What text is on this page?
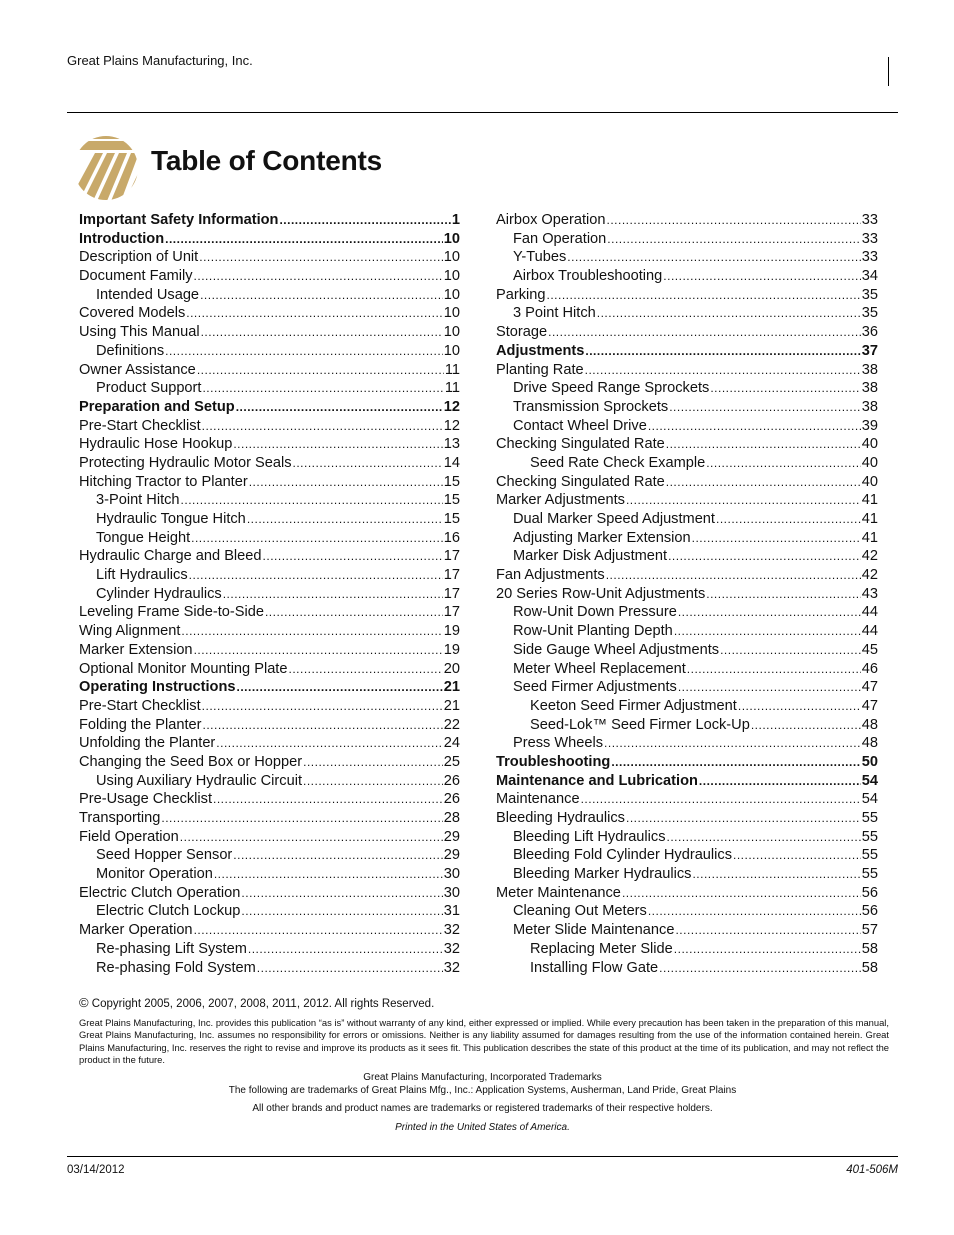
Great Plains Manufacturing, Inc.
Table of Contents
Important Safety Information .....	1
Introduction .....	10
Description of Unit .....	10
Document Family .....	10
Intended Usage .....	10
Covered Models .....	10
Using This Manual .....	10
Definitions .....	10
Owner Assistance .....	11
Product Support .....	11
Preparation and Setup .....	12
Pre-Start Checklist .....	12
Hydraulic Hose Hookup .....	13
Protecting Hydraulic Motor Seals .....	14
Hitching Tractor to Planter .....	15
3-Point Hitch .....	15
Hydraulic Tongue Hitch .....	15
Tongue Height .....	16
Hydraulic Charge and Bleed .....	17
Lift Hydraulics .....	17
Cylinder Hydraulics .....	17
Leveling Frame Side-to-Side .....	17
Wing Alignment .....	19
Marker Extension .....	19
Optional Monitor Mounting Plate .....	20
Operating Instructions .....	21
Pre-Start Checklist .....	21
Folding the Planter .....	22
Unfolding the Planter .....	24
Changing the Seed Box or Hopper .....	25
Using Auxiliary Hydraulic Circuit .....	26
Pre-Usage Checklist .....	26
Transporting .....	28
Field Operation .....	29
Seed Hopper Sensor .....	29
Monitor Operation .....	30
Electric Clutch Operation .....	30
Electric Clutch Lockup .....	31
Marker Operation .....	32
Re-phasing Lift System .....	32
Re-phasing Fold System .....	32
Airbox Operation .....	33
Fan Operation .....	33
Y-Tubes .....	33
Airbox Troubleshooting .....	34
Parking .....	35
3 Point Hitch .....	35
Storage .....	36
Adjustments .....	37
Planting Rate .....	38
Drive Speed Range Sprockets .....	38
Transmission Sprockets .....	38
Contact Wheel Drive .....	39
Checking Singulated Rate .....	40
Seed Rate Check Example .....	40
Checking Singulated Rate .....	40
Marker Adjustments .....	41
Dual Marker Speed Adjustment .....	41
Adjusting Marker Extension .....	41
Marker Disk Adjustment .....	42
Fan Adjustments .....	42
20 Series Row-Unit Adjustments .....	43
Row-Unit Down Pressure .....	44
Row-Unit Planting Depth .....	44
Side Gauge Wheel Adjustments .....	45
Meter Wheel Replacement .....	46
Seed Firmer Adjustments .....	47
Keeton Seed Firmer Adjustment .....	47
Seed-Lok™ Seed Firmer Lock-Up .....	48
Press Wheels .....	48
Troubleshooting .....	50
Maintenance and Lubrication .....	54
Maintenance .....	54
Bleeding Hydraulics .....	55
Bleeding Lift Hydraulics .....	55
Bleeding Fold Cylinder Hydraulics .....	55
Bleeding Marker Hydraulics .....	55
Meter Maintenance .....	56
Cleaning Out Meters .....	56
Meter Slide Maintenance .....	57
Replacing Meter Slide .....	58
Installing Flow Gate .....	58
© Copyright 2005, 2006, 2007, 2008, 2011, 2012. All rights Reserved.
Great Plains Manufacturing, Inc. provides this publication “as is” without warranty of any kind, either expressed or implied. While every precaution has been taken in the preparation of this manual, Great Plains Manufacturing, Inc. assumes no responsibility for errors or omissions. Neither is any liability assumed for damages resulting from the use of the information contained herein. Great Plains Manufacturing, Inc. reserves the right to revise and improve its products as it sees fit. This publication describes the state of this product at the time of its publication, and may not reflect the product in the future.
Great Plains Manufacturing, Incorporated Trademarks
The following are trademarks of Great Plains Mfg., Inc.: Application Systems, Ausherman, Land Pride, Great Plains
All other brands and product names are trademarks or registered trademarks of their respective holders.
Printed in the United States of America.
03/14/2012	401-506M
